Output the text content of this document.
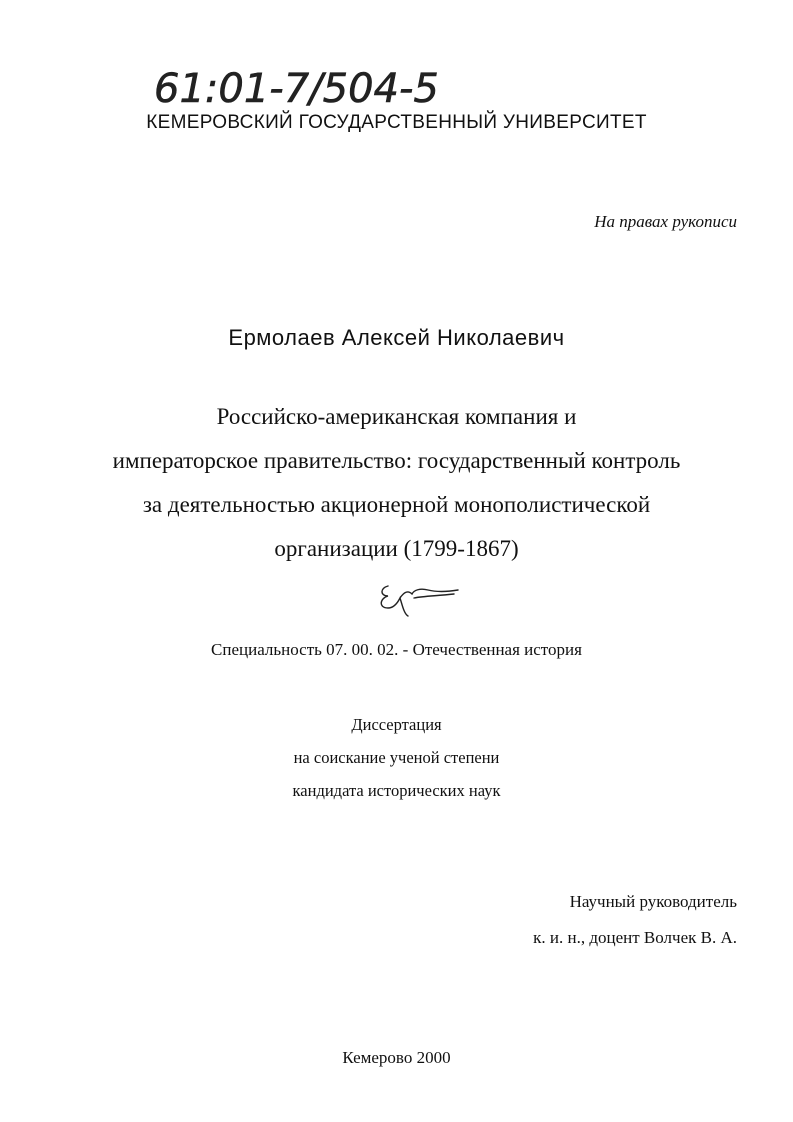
61:01-7/504-5
КЕМЕРОВСКИЙ ГОСУДАРСТВЕННЫЙ УНИВЕРСИТЕТ
На правах рукописи
Ермолаев Алексей Николаевич
Российско-американская компания и
императорское правительство: государственный контроль
за деятельностью акционерной монополистической
организации (1799-1867)
Специальность 07. 00. 02. - Отечественная история
Диссертация
на соискание ученой степени
кандидата исторических наук
Научный руководитель
к. и. н., доцент Волчек В. А.
Кемерово 2000
